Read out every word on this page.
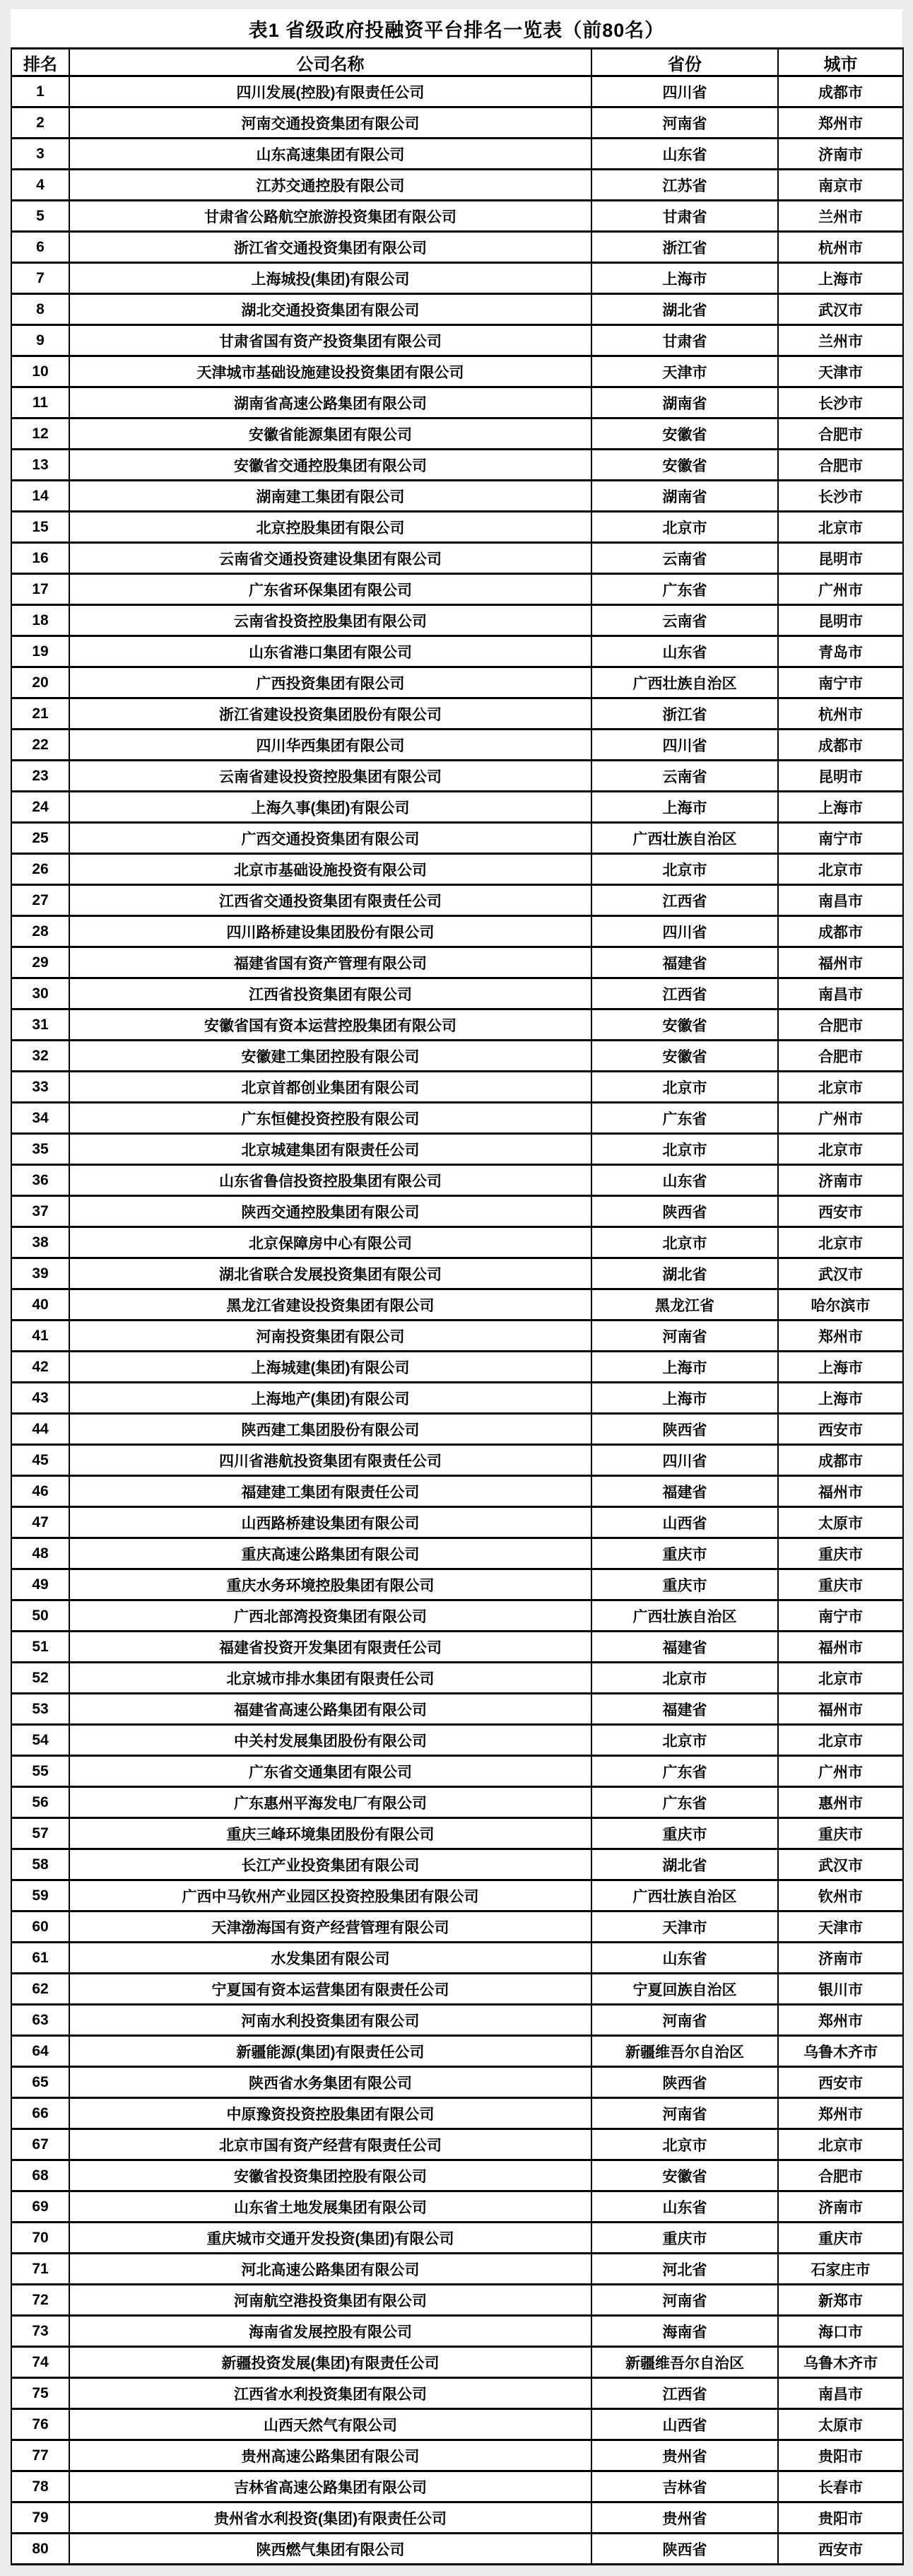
表1 省级政府投融资平台排名一览表（前80名）
排名	公司名称	省份	城市
1	四川发展(控股)有限责任公司	四川省	成都市
2	河南交通投资集团有限公司	河南省	郑州市
3	山东高速集团有限公司	山东省	济南市
4	江苏交通控股有限公司	江苏省	南京市
5	甘肃省公路航空旅游投资集团有限公司	甘肃省	兰州市
6	浙江省交通投资集团有限公司	浙江省	杭州市
7	上海城投(集团)有限公司	上海市	上海市
8	湖北交通投资集团有限公司	湖北省	武汉市
9	甘肃省国有资产投资集团有限公司	甘肃省	兰州市
10	天津城市基础设施建设投资集团有限公司	天津市	天津市
11	湖南省高速公路集团有限公司	湖南省	长沙市
12	安徽省能源集团有限公司	安徽省	合肥市
13	安徽省交通控股集团有限公司	安徽省	合肥市
14	湖南建工集团有限公司	湖南省	长沙市
15	北京控股集团有限公司	北京市	北京市
16	云南省交通投资建设集团有限公司	云南省	昆明市
17	广东省环保集团有限公司	广东省	广州市
18	云南省投资控股集团有限公司	云南省	昆明市
19	山东省港口集团有限公司	山东省	青岛市
20	广西投资集团有限公司	广西壮族自治区	南宁市
21	浙江省建设投资集团股份有限公司	浙江省	杭州市
22	四川华西集团有限公司	四川省	成都市
23	云南省建设投资控股集团有限公司	云南省	昆明市
24	上海久事(集团)有限公司	上海市	上海市
25	广西交通投资集团有限公司	广西壮族自治区	南宁市
26	北京市基础设施投资有限公司	北京市	北京市
27	江西省交通投资集团有限责任公司	江西省	南昌市
28	四川路桥建设集团股份有限公司	四川省	成都市
29	福建省国有资产管理有限公司	福建省	福州市
30	江西省投资集团有限公司	江西省	南昌市
31	安徽省国有资本运营控股集团有限公司	安徽省	合肥市
32	安徽建工集团控股有限公司	安徽省	合肥市
33	北京首都创业集团有限公司	北京市	北京市
34	广东恒健投资控股有限公司	广东省	广州市
35	北京城建集团有限责任公司	北京市	北京市
36	山东省鲁信投资控股集团有限公司	山东省	济南市
37	陕西交通控股集团有限公司	陕西省	西安市
38	北京保障房中心有限公司	北京市	北京市
39	湖北省联合发展投资集团有限公司	湖北省	武汉市
40	黑龙江省建设投资集团有限公司	黑龙江省	哈尔滨市
41	河南投资集团有限公司	河南省	郑州市
42	上海城建(集团)有限公司	上海市	上海市
43	上海地产(集团)有限公司	上海市	上海市
44	陕西建工集团股份有限公司	陕西省	西安市
45	四川省港航投资集团有限责任公司	四川省	成都市
46	福建建工集团有限责任公司	福建省	福州市
47	山西路桥建设集团有限公司	山西省	太原市
48	重庆高速公路集团有限公司	重庆市	重庆市
49	重庆水务环境控股集团有限公司	重庆市	重庆市
50	广西北部湾投资集团有限公司	广西壮族自治区	南宁市
51	福建省投资开发集团有限责任公司	福建省	福州市
52	北京城市排水集团有限责任公司	北京市	北京市
53	福建省高速公路集团有限公司	福建省	福州市
54	中关村发展集团股份有限公司	北京市	北京市
55	广东省交通集团有限公司	广东省	广州市
56	广东惠州平海发电厂有限公司	广东省	惠州市
57	重庆三峰环境集团股份有限公司	重庆市	重庆市
58	长江产业投资集团有限公司	湖北省	武汉市
59	广西中马钦州产业园区投资控股集团有限公司	广西壮族自治区	钦州市
60	天津渤海国有资产经营管理有限公司	天津市	天津市
61	水发集团有限公司	山东省	济南市
62	宁夏国有资本运营集团有限责任公司	宁夏回族自治区	银川市
63	河南水利投资集团有限公司	河南省	郑州市
64	新疆能源(集团)有限责任公司	新疆维吾尔自治区	乌鲁木齐市
65	陕西省水务集团有限公司	陕西省	西安市
66	中原豫资投资控股集团有限公司	河南省	郑州市
67	北京市国有资产经营有限责任公司	北京市	北京市
68	安徽省投资集团控股有限公司	安徽省	合肥市
69	山东省土地发展集团有限公司	山东省	济南市
70	重庆城市交通开发投资(集团)有限公司	重庆市	重庆市
71	河北高速公路集团有限公司	河北省	石家庄市
72	河南航空港投资集团有限公司	河南省	新郑市
73	海南省发展控股有限公司	海南省	海口市
74	新疆投资发展(集团)有限责任公司	新疆维吾尔自治区	乌鲁木齐市
75	江西省水利投资集团有限公司	江西省	南昌市
76	山西天然气有限公司	山西省	太原市
77	贵州高速公路集团有限公司	贵州省	贵阳市
78	吉林省高速公路集团有限公司	吉林省	长春市
79	贵州省水利投资(集团)有限责任公司	贵州省	贵阳市
80	陕西燃气集团有限公司	陕西省	西安市
